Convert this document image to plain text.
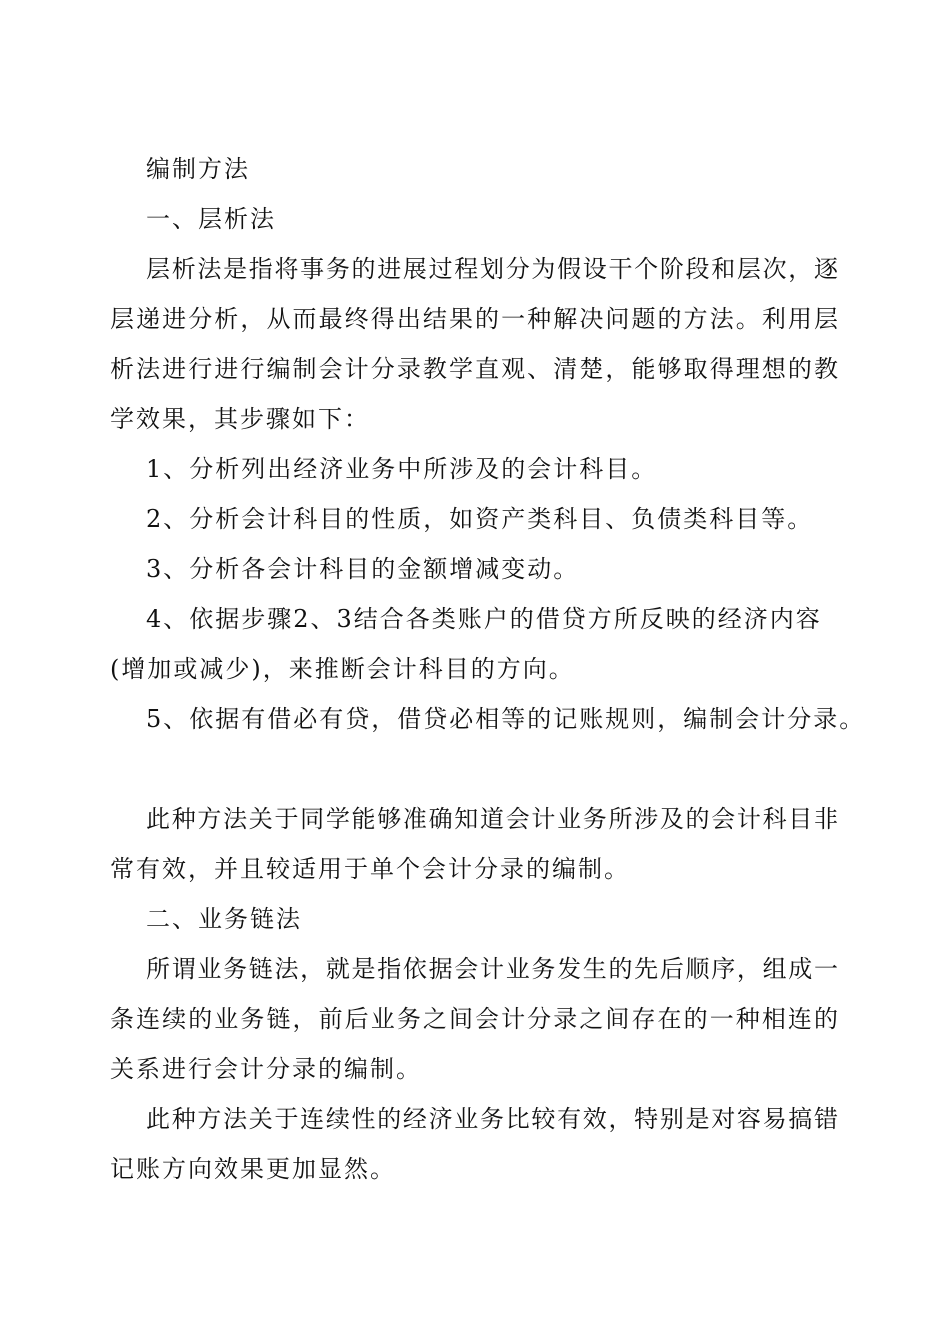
编制方法
一、层析法
层析法是指将事务的进展过程划分为假设干个阶段和层次，逐
层递进分析，从而最终得出结果的一种解决问题的方法。利用层
析法进行进行编制会计分录教学直观、清楚，能够取得理想的教
学效果，其步骤如下：
1、分析列出经济业务中所涉及的会计科目。
2、分析会计科目的性质，如资产类科目、负债类科目等。
3、分析各会计科目的金额增减变动。
4、依据步骤2、3结合各类账户的借贷方所反映的经济内容
(增加或减少)，来推断会计科目的方向。
5、依据有借必有贷，借贷必相等的记账规则，编制会计分录。
此种方法关于同学能够准确知道会计业务所涉及的会计科目非
常有效，并且较适用于单个会计分录的编制。
二、业务链法
所谓业务链法，就是指依据会计业务发生的先后顺序，组成一
条连续的业务链，前后业务之间会计分录之间存在的一种相连的
关系进行会计分录的编制。
此种方法关于连续性的经济业务比较有效，特别是对容易搞错
记账方向效果更加显然。
